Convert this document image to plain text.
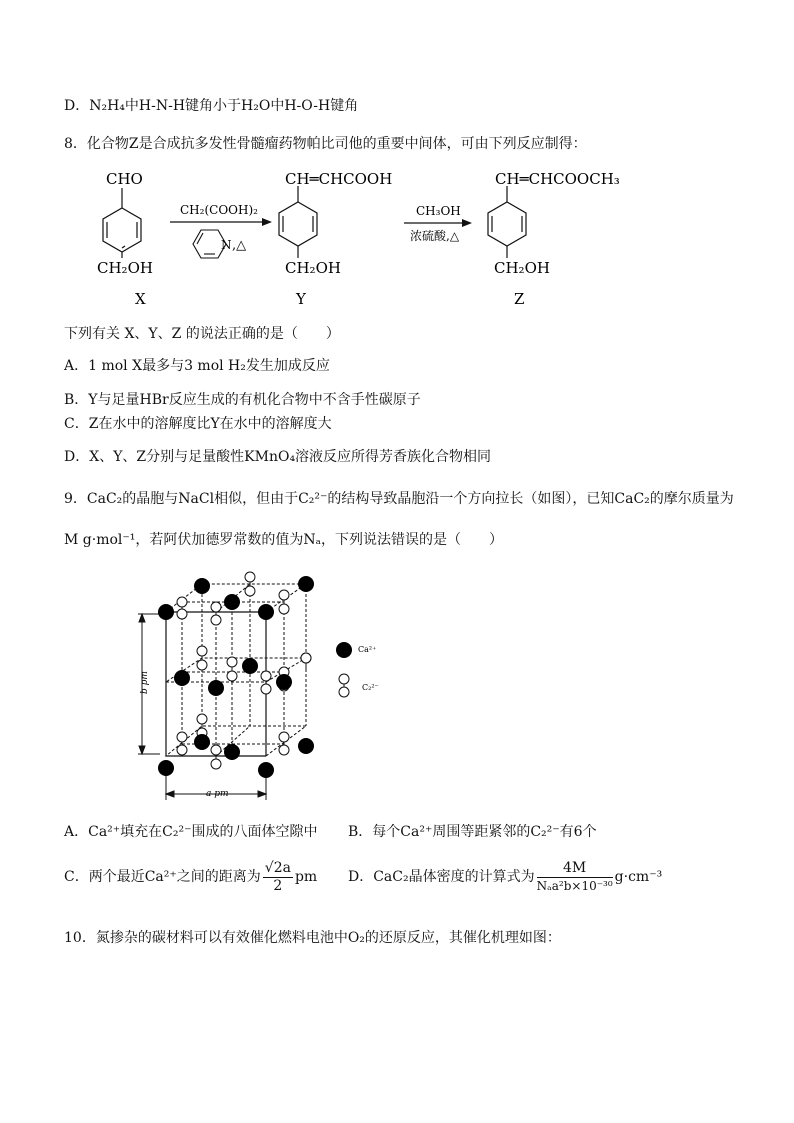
D．N₂H₄中H-N-H键角小于H₂O中H-O-H键角
8．化合物Z是合成抗多发性骨髓瘤药物帕比司他的重要中间体，可由下列反应制得：
CHO
CH₂OH
X
CH₂(COOH)₂
N ,△
CH═CHCOOH
CH₂OH
Y
CH₃OH
浓硫酸,△
CH═CHCOOCH₃
CH₂OH
Z
下列有关 X、Y、Z 的说法正确的是（　　）
A．1 mol X最多与3 mol H₂发生加成反应
B．Y与足量HBr反应生成的有机化合物中不含手性碳原子
C．Z在水中的溶解度比Y在水中的溶解度大
D．X、Y、Z分别与足量酸性KMnO₄溶液反应所得芳香族化合物相同
9．CaC₂的晶胞与NaCl相似，但由于C₂²⁻的结构导致晶胞沿一个方向拉长（如图），已知CaC₂的摩尔质量为
M g·mol⁻¹，若阿伏加德罗常数的值为Nₐ，下列说法错误的是（　　）
b pm
a pm
Ca²⁺
C₂²⁻
A．Ca²⁺填充在C₂²⁻围成的八面体空隙中 B．每个Ca²⁺周围等距紧邻的C₂²⁻有6个
C．两个最近Ca²⁺之间的距离为 $\frac{√2a}{2}$ pm D．CaC₂晶体密度的计算式为 $\frac{4M}{\text{Nₐa²b×10⁻³⁰}} g\cdot cm^{-3}$
10．氮掺杂的碳材料可以有效催化燃料电池中O₂的还原反应，其催化机理如图：
